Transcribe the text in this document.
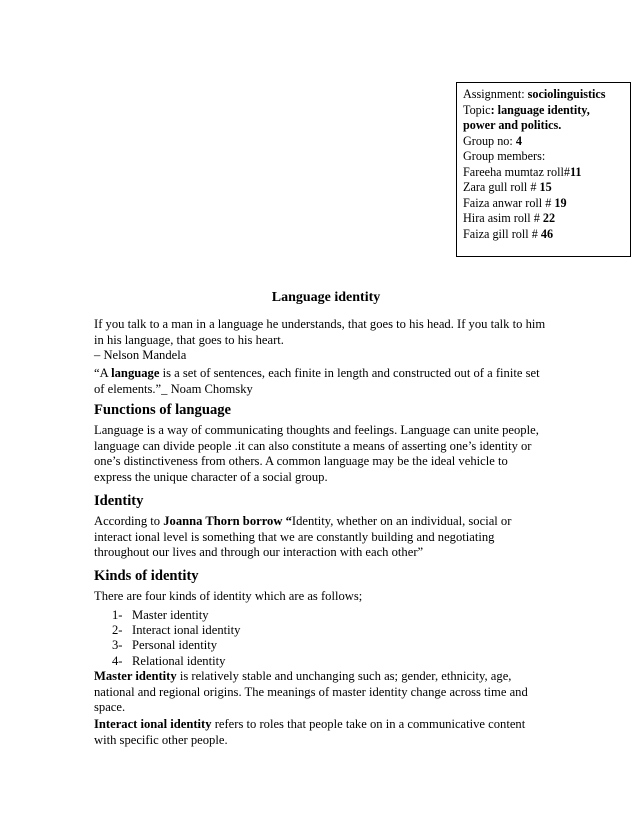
Assignment: sociolinguistics
Topic: language identity,
power and politics.
Group no: 4
Group members:
Fareeha mumtaz roll#11
Zara gull roll # 15
Faiza anwar roll # 19
Hira asim roll # 22
Faiza gill roll # 46
Language identity
If you talk to a man in a language he understands, that goes to his head. If you talk to him
in his language, that goes to his heart.
– Nelson Mandela
“A language is a set of sentences, each finite in length and constructed out of a finite set
of elements.”_ Noam Chomsky
Functions of language
Language is a way of communicating thoughts and feelings. Language can unite people,
language can divide people .it can also constitute a means of asserting one’s identity or
one’s distinctiveness from others. A common language may be the ideal vehicle to
express the unique character of a social group.
Identity
According to Joanna Thorn borrow “Identity, whether on an individual, social or
interact ional level is something that we are constantly building and negotiating
throughout our lives and through our interaction with each other”
Kinds of identity
There are four kinds of identity which are as follows;
1- Master identity
2- Interact ional identity
3- Personal identity
4- Relational identity
Master identity is relatively stable and unchanging such as; gender, ethnicity, age,
national and regional origins. The meanings of master identity change across time and
space.
Interact ional identity refers to roles that people take on in a communicative content
with specific other people.
